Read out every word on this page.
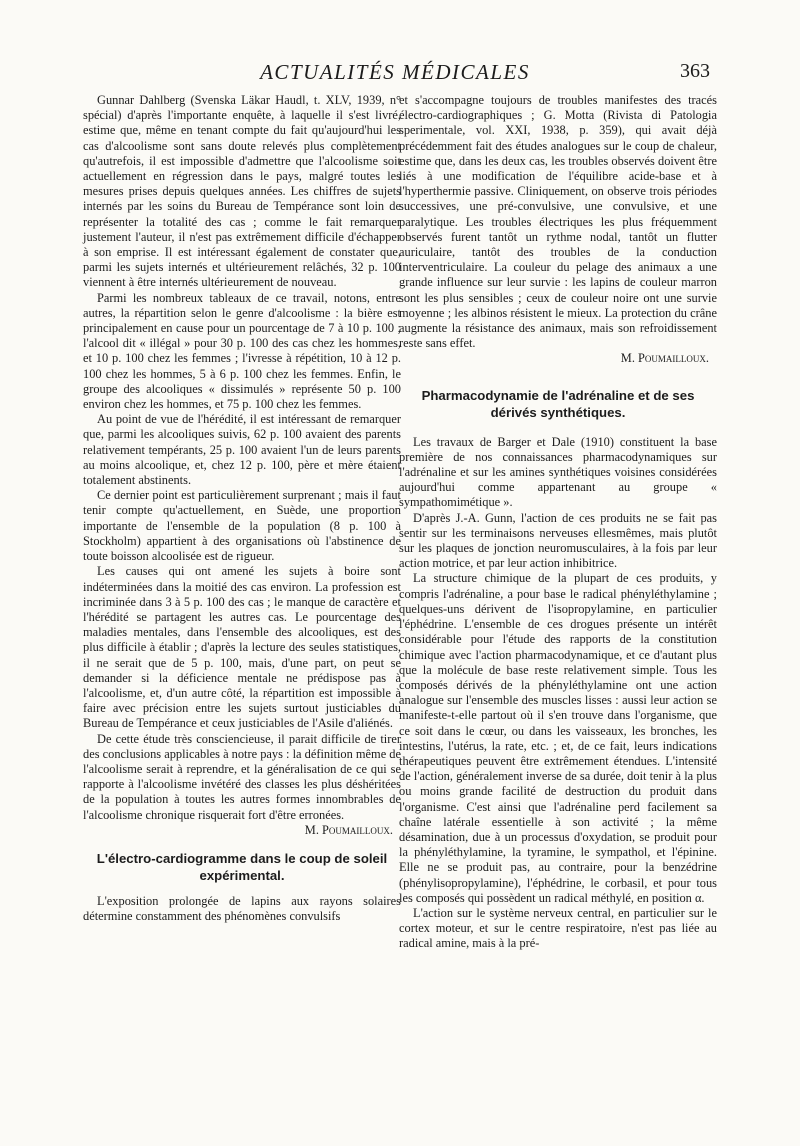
ACTUALITÉS MÉDICALES	363

Gunnar Dahlberg (Svenska Läkar Haudl, t. XLV, 1939, n° spécial) d'après l'importante enquête, à laquelle il s'est livré, estime que, même en tenant compte du fait qu'aujourd'hui les cas d'alcoolisme sont sans doute relevés plus complètement qu'autrefois, il est impossible d'admettre que l'alcoolisme soit actuellement en régression dans le pays, malgré toutes les mesures prises depuis quelques années. Les chiffres de sujets internés par les soins du Bureau de Tempérance sont loin de représenter la totalité des cas ; comme le fait remarquer justement l'auteur, il n'est pas extrêmement difficile d'échapper à son emprise. Il est intéressant également de constater que, parmi les sujets internés et ultérieurement relâchés, 32 p. 100 viennent à être internés ultérieurement de nouveau.

Parmi les nombreux tableaux de ce travail, notons, entre autres, la répartition selon le genre d'alcoolisme : la bière est principalement en cause pour un pourcentage de 7 à 10 p. 100 ; l'alcool dit « illégal » pour 30 p. 100 des cas chez les hommes, et 10 p. 100 chez les femmes ; l'ivresse à répétition, 10 à 12 p. 100 chez les hommes, 5 à 6 p. 100 chez les femmes. Enfin, le groupe des alcooliques « dissimulés » représente 50 p. 100 environ chez les hommes, et 75 p. 100 chez les femmes.

Au point de vue de l'hérédité, il est intéressant de remarquer que, parmi les alcooliques suivis, 62 p. 100 avaient des parents relativement tempérants, 25 p. 100 avaient l'un de leurs parents au moins alcoolique, et, chez 12 p. 100, père et mère étaient totalement abstinents.

Ce dernier point est particulièrement surprenant ; mais il faut tenir compte qu'actuellement, en Suède, une proportion importante de l'ensemble de la population (8 p. 100 à Stockholm) appartient à des organisations où l'abstinence de toute boisson alcoolisée est de rigueur.

Les causes qui ont amené les sujets à boire sont indéterminées dans la moitié des cas environ. La profession est incriminée dans 3 à 5 p. 100 des cas ; le manque de caractère et l'hérédité se partagent les autres cas. Le pourcentage des maladies mentales, dans l'ensemble des alcooliques, est des plus difficile à établir ; d'après la lecture des seules statistiques, il ne serait que de 5 p. 100, mais, d'une part, on peut se demander si la déficience mentale ne prédispose pas à l'alcoolisme, et, d'un autre côté, la répartition est impossible à faire avec précision entre les sujets surtout justiciables du Bureau de Tempérance et ceux justiciables de l'Asile d'aliénés.

De cette étude très consciencieuse, il parait difficile de tirer des conclusions applicables à notre pays : la définition même de l'alcoolisme serait à reprendre, et la généralisation de ce qui se rapporte à l'alcoolisme invétéré des classes les plus déshéritées de la population à toutes les autres formes innombrables de l'alcoolisme chronique risquerait fort d'être erronées.

M. Poumailloux.
L'électro-cardiogramme dans le coup de soleil expérimental.

L'exposition prolongée de lapins aux rayons solaires détermine constamment des phénomènes convulsifs

et s'accompagne toujours de troubles manifestes des tracés électro-cardiographiques ; G. Motta (Rivista di Patologia sperimentale, vol. XXI, 1938, p. 359), qui avait déjà précédemment fait des études analogues sur le coup de chaleur, estime que, dans les deux cas, les troubles observés doivent être liés à une modification de l'équilibre acide-base et à l'hyperthermie passive. Cliniquement, on observe trois périodes successives, une pré-convulsive, une convulsive, et une paralytique. Les troubles électriques les plus fréquemment observés furent tantôt un rythme nodal, tantôt un flutter auriculaire, tantôt des troubles de la conduction interventriculaire. La couleur du pelage des animaux a une grande influence sur leur survie : les lapins de couleur marron sont les plus sensibles ; ceux de couleur noire ont une survie moyenne ; les albinos résistent le mieux. La protection du crâne augmente la résistance des animaux, mais son refroidissement reste sans effet.

M. Poumailloux.
Pharmacodynamie de l'adrénaline et de ses dérivés synthétiques.

Les travaux de Barger et Dale (1910) constituent la base première de nos connaissances pharmacodynamiques sur l'adrénaline et sur les amines synthétiques voisines considérées aujourd'hui comme appartenant au groupe « sympathomimétique ».

D'après J.-A. Gunn, l'action de ces produits ne se fait pas sentir sur les terminaisons nerveuses ellesmêmes, mais plutôt sur les plaques de jonction neuromusculaires, à la fois par leur action motrice, et par leur action inhibitrice.

La structure chimique de la plupart de ces produits, y compris l'adrénaline, a pour base le radical phényléthylamine ; quelques-uns dérivent de l'isopropylamine, en particulier l'éphédrine. L'ensemble de ces drogues présente un intérêt considérable pour l'étude des rapports de la constitution chimique avec l'action pharmacodynamique, et ce d'autant plus que la molécule de base reste relativement simple. Tous les composés dérivés de la phényléthylamine ont une action analogue sur l'ensemble des muscles lisses : aussi leur action se manifeste-t-elle partout où il s'en trouve dans l'organisme, que ce soit dans le cœur, ou dans les vaisseaux, les bronches, les intestins, l'utérus, la rate, etc. ; et, de ce fait, leurs indications thérapeutiques peuvent être extrêmement étendues. L'intensité de l'action, généralement inverse de sa durée, doit tenir à la plus ou moins grande facilité de destruction du produit dans l'organisme. C'est ainsi que l'adrénaline perd facilement sa chaîne latérale essentielle à son activité ; la même désamination, due à un processus d'oxydation, se produit pour la phényléthylamine, la tyramine, le sympathol, et l'épinine. Elle ne se produit pas, au contraire, pour la benzédrine (phénylisopropylamine), l'éphédrine, le corbasil, et pour tous les composés qui possèdent un radical méthylé, en position α.

L'action sur le système nerveux central, en particulier sur le cortex moteur, et sur le centre respiratoire, n'est pas liée au radical amine, mais à la pré-
